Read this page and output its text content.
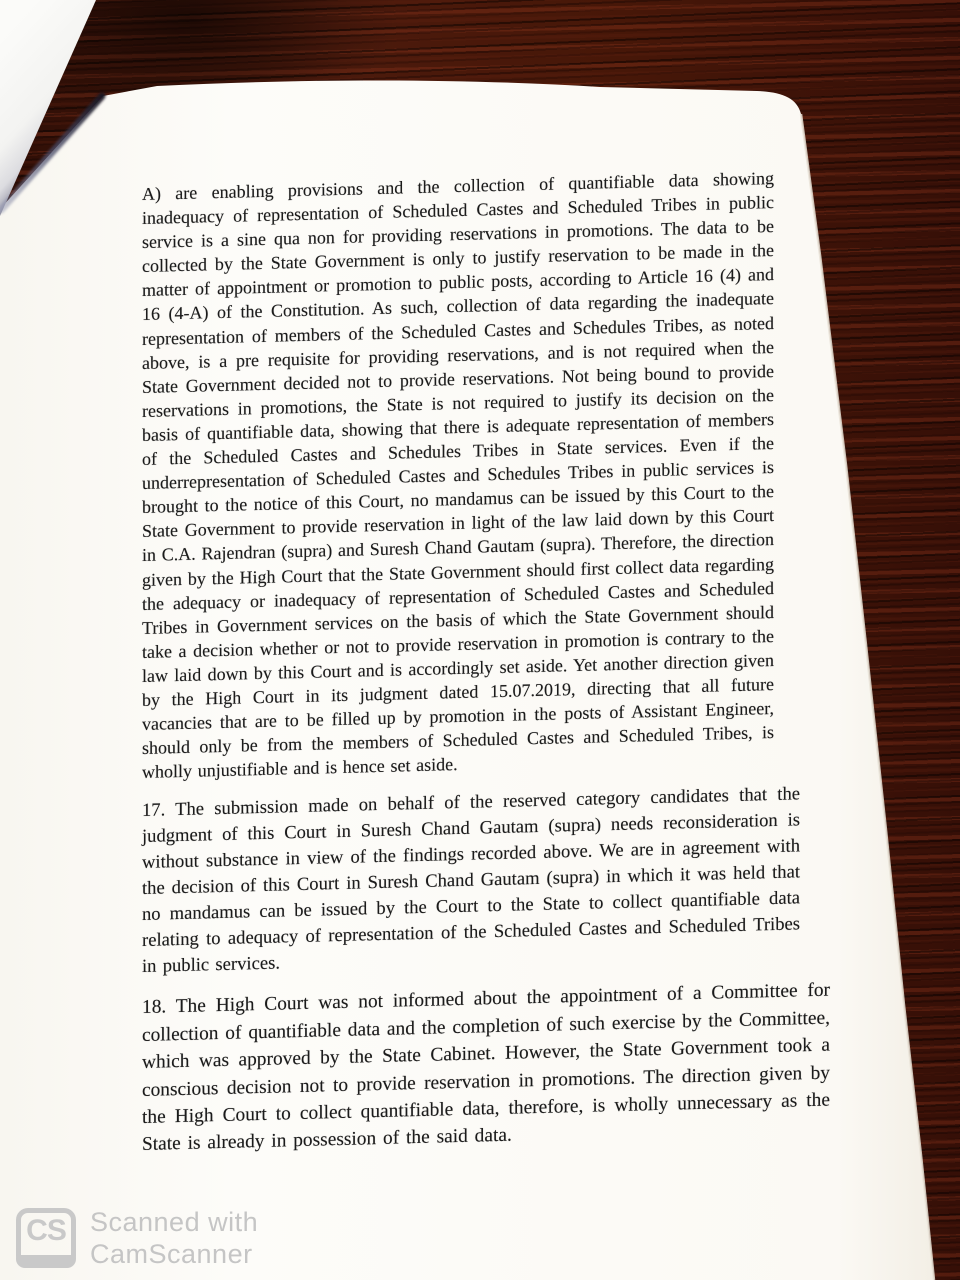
A) are enabling provisions and the collection of quantifiable data showing inadequacy of representation of Scheduled Castes and Scheduled Tribes in public service is a sine qua non for providing reservations in promotions. The data to be collected by the State Government is only to justify reservation to be made in the matter of appointment or promotion to public posts, according to Article 16 (4) and 16 (4-A) of the Constitution. As such, collection of data regarding the inadequate representation of members of the Scheduled Castes and Schedules Tribes, as noted above, is a pre requisite for providing reservations, and is not required when the State Government decided not to provide reservations. Not being bound to provide reservations in promotions, the State is not required to justify its decision on the basis of quantifiable data, showing that there is adequate representation of members of the Scheduled Castes and Schedules Tribes in State services. Even if the underrepresentation of Scheduled Castes and Schedules Tribes in public services is brought to the notice of this Court, no mandamus can be issued by this Court to the State Government to provide reservation in light of the law laid down by this Court in C.A. Rajendran (supra) and Suresh Chand Gautam (supra). Therefore, the direction given by the High Court that the State Government should first collect data regarding the adequacy or inadequacy of representation of Scheduled Castes and Scheduled Tribes in Government services on the basis of which the State Government should take a decision whether or not to provide reservation in promotion is contrary to the law laid down by this Court and is accordingly set aside. Yet another direction given by the High Court in its judgment dated 15.07.2019, directing that all future vacancies that are to be filled up by promotion in the posts of Assistant Engineer, should only be from the members of Scheduled Castes and Scheduled Tribes, is wholly unjustifiable and is hence set aside.

17. The submission made on behalf of the reserved category candidates that the judgment of this Court in Suresh Chand Gautam (supra) needs reconsideration is without substance in view of the findings recorded above. We are in agreement with the decision of this Court in Suresh Chand Gautam (supra) in which it was held that no mandamus can be issued by the Court to the State to collect quantifiable data relating to adequacy of representation of the Scheduled Castes and Scheduled Tribes in public services.

18. The High Court was not informed about the appointment of a Committee for collection of quantifiable data and the completion of such exercise by the Committee, which was approved by the State Cabinet. However, the State Government took a conscious decision not to provide reservation in promotions. The direction given by the High Court to collect quantifiable data, therefore, is wholly unnecessary as the State is already in possession of the said data.

CS Scanned with
CamScanner
